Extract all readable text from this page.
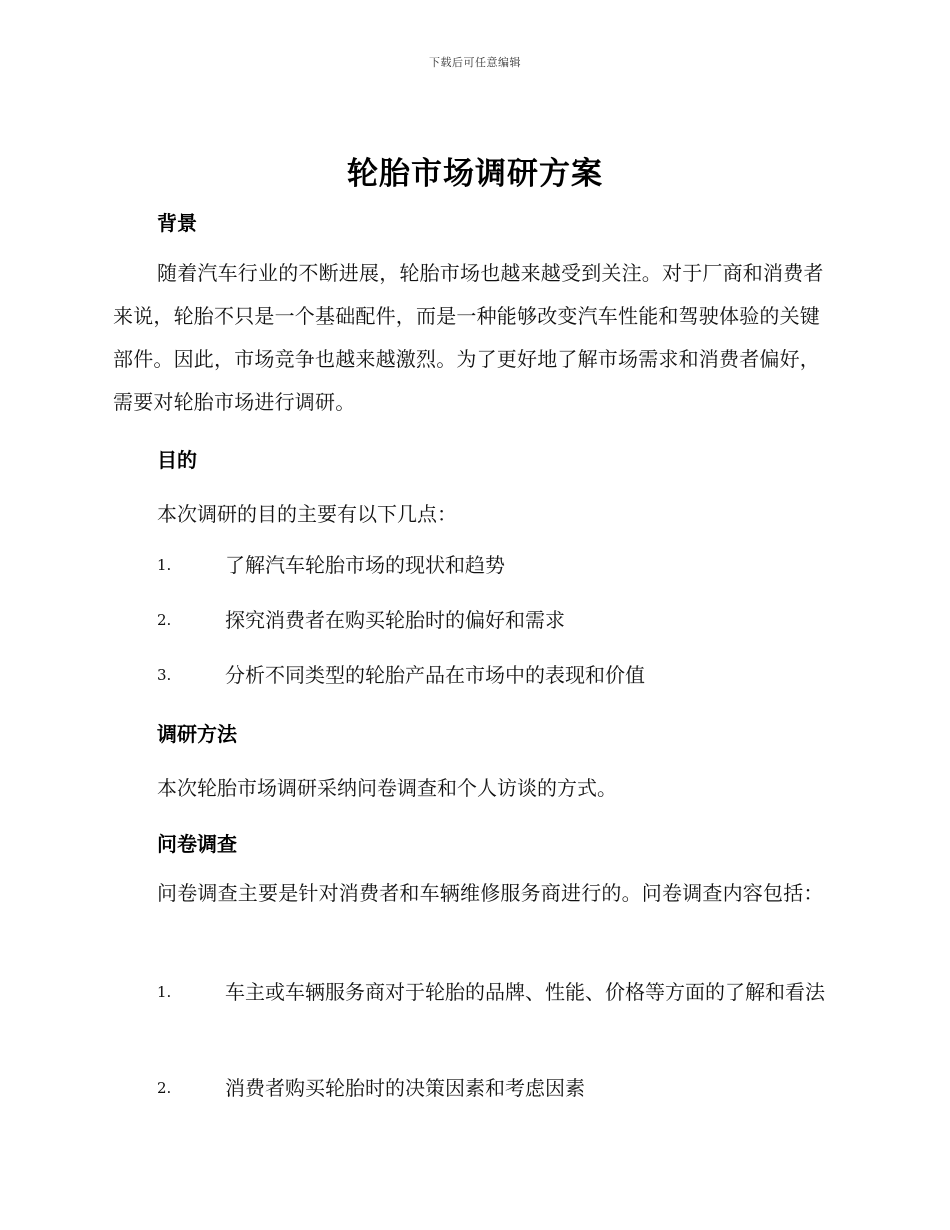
下载后可任意编辑
轮胎市场调研方案
背景
随着汽车行业的不断进展，轮胎市场也越来越受到关注。对于厂商和消费者来说，轮胎不只是一个基础配件，而是一种能够改变汽车性能和驾驶体验的关键部件。因此，市场竞争也越来越激烈。为了更好地了解市场需求和消费者偏好，需要对轮胎市场进行调研。
目的
本次调研的目的主要有以下几点：
1.	了解汽车轮胎市场的现状和趋势
2.	探究消费者在购买轮胎时的偏好和需求
3.	分析不同类型的轮胎产品在市场中的表现和价值
调研方法
本次轮胎市场调研采纳问卷调查和个人访谈的方式。
问卷调查
问卷调查主要是针对消费者和车辆维修服务商进行的。问卷调查内容包括：
1.	车主或车辆服务商对于轮胎的品牌、性能、价格等方面的了解和看法
2.	消费者购买轮胎时的决策因素和考虑因素
